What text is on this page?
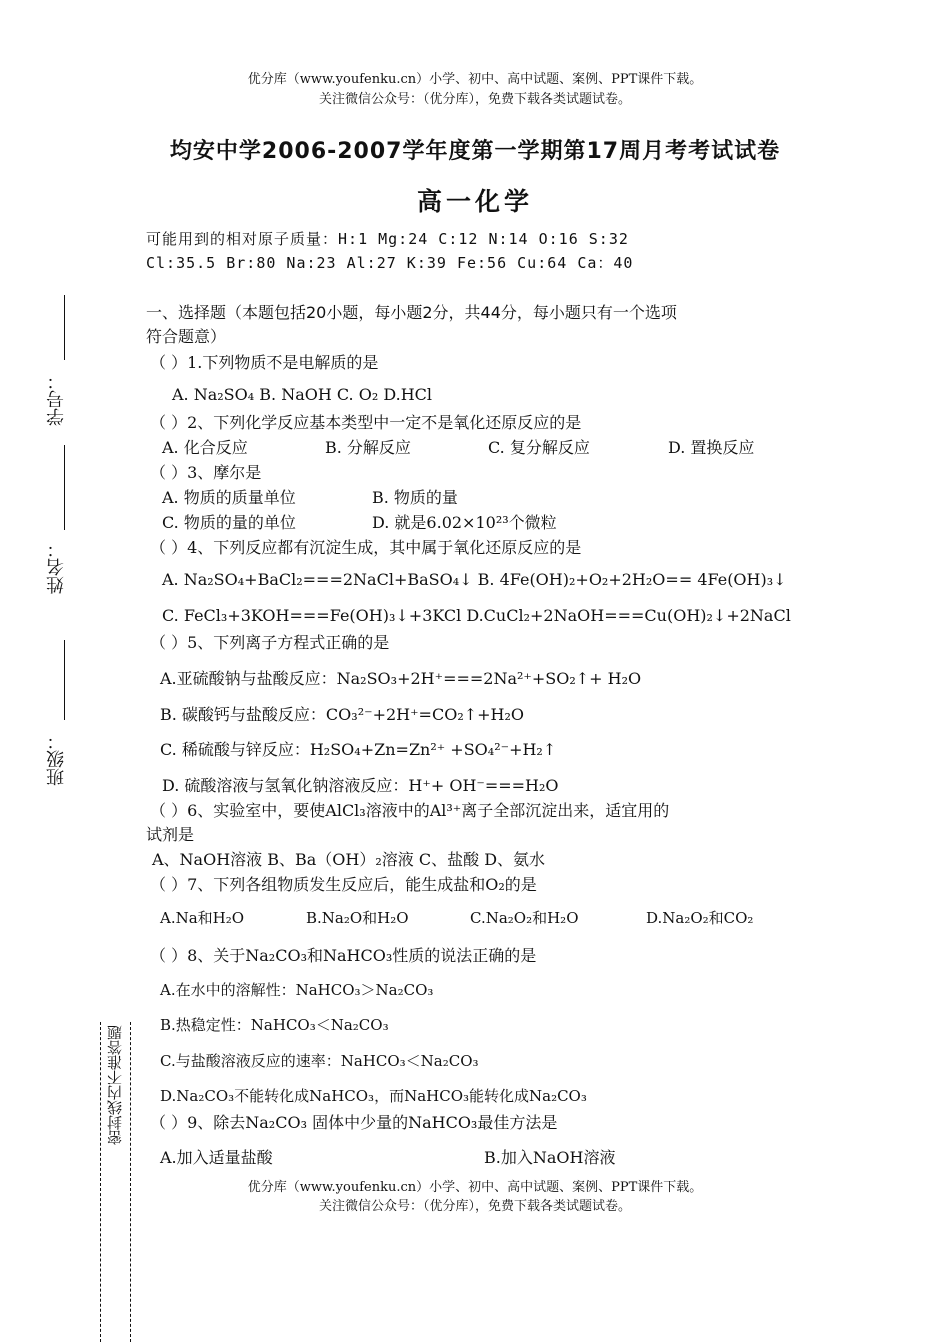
优分库（www.youfenku.cn）小学、初中、高中试题、案例、PPT课件下载。
关注微信公众号：（优分库），免费下载各类试题试卷。
均安中学2006-2007学年度第一学期第17周月考考试试卷
高一化学
可能用到的相对原子质量：H:1 Mg:24 C:12 N:14 O:16 S:32
Cl:35.5 Br:80 Na:23 Al:27 K:39 Fe:56 Cu:64 Ca：40
一、选择题（本题包括20小题，每小题2分，共44分，每小题只有一个选项
符合题意）
（ ）1.下列物质不是电解质的是
A. Na₂SO₄ B. NaOH C. O₂ D.HCl
（ ）2、下列化学反应基本类型中一定不是氧化还原反应的是
A. 化合反应	B. 分解反应	C. 复分解反应	D. 置换反应
（ ）3、摩尔是
A. 物质的质量单位	B. 物质的量
C. 物质的量的单位	D. 就是6.02×10²³个微粒
（ ）4、下列反应都有沉淀生成，其中属于氧化还原反应的是
A. Na₂SO₄+BaCl₂===2NaCl+BaSO₄↓ B. 4Fe(OH)₂+O₂+2H₂O== 4Fe(OH)₃↓
C. FeCl₃+3KOH===Fe(OH)₃↓+3KCl D.CuCl₂+2NaOH===Cu(OH)₂↓+2NaCl
（ ）5、下列离子方程式正确的是
A.亚硫酸钠与盐酸反应：Na₂SO₃+2H⁺===2Na²⁺+SO₂↑+ H₂O
B. 碳酸钙与盐酸反应：CO₃²⁻+2H⁺=CO₂↑+H₂O
C. 稀硫酸与锌反应：H₂SO₄+Zn=Zn²⁺ +SO₄²⁻+H₂↑
D. 硫酸溶液与氢氧化钠溶液反应：H⁺+ OH⁻===H₂O
（ ）6、实验室中，要使AlCl₃溶液中的Al³⁺离子全部沉淀出来，适宜用的
试剂是
A、NaOH溶液 B、Ba（OH）₂溶液 C、盐酸 D、氨水
（ ）7、下列各组物质发生反应后，能生成盐和O₂的是
A.Na和H₂O	B.Na₂O和H₂O	C.Na₂O₂和H₂O	D.Na₂O₂和CO₂
（ ）8、关于Na₂CO₃和NaHCO₃性质的说法正确的是
A.在水中的溶解性：NaHCO₃＞Na₂CO₃
B.热稳定性：NaHCO₃＜Na₂CO₃
C.与盐酸溶液反应的速率：NaHCO₃＜Na₂CO₃
D.Na₂CO₃不能转化成NaHCO₃，而NaHCO₃能转化成Na₂CO₃
（ ）9、除去Na₂CO₃ 固体中少量的NaHCO₃最佳方法是
A.加入适量盐酸	B.加入NaOH溶液
学号：
姓名：
班级：
密封线内不准答题
优分库（www.youfenku.cn）小学、初中、高中试题、案例、PPT课件下载。
关注微信公众号：（优分库），免费下载各类试题试卷。
